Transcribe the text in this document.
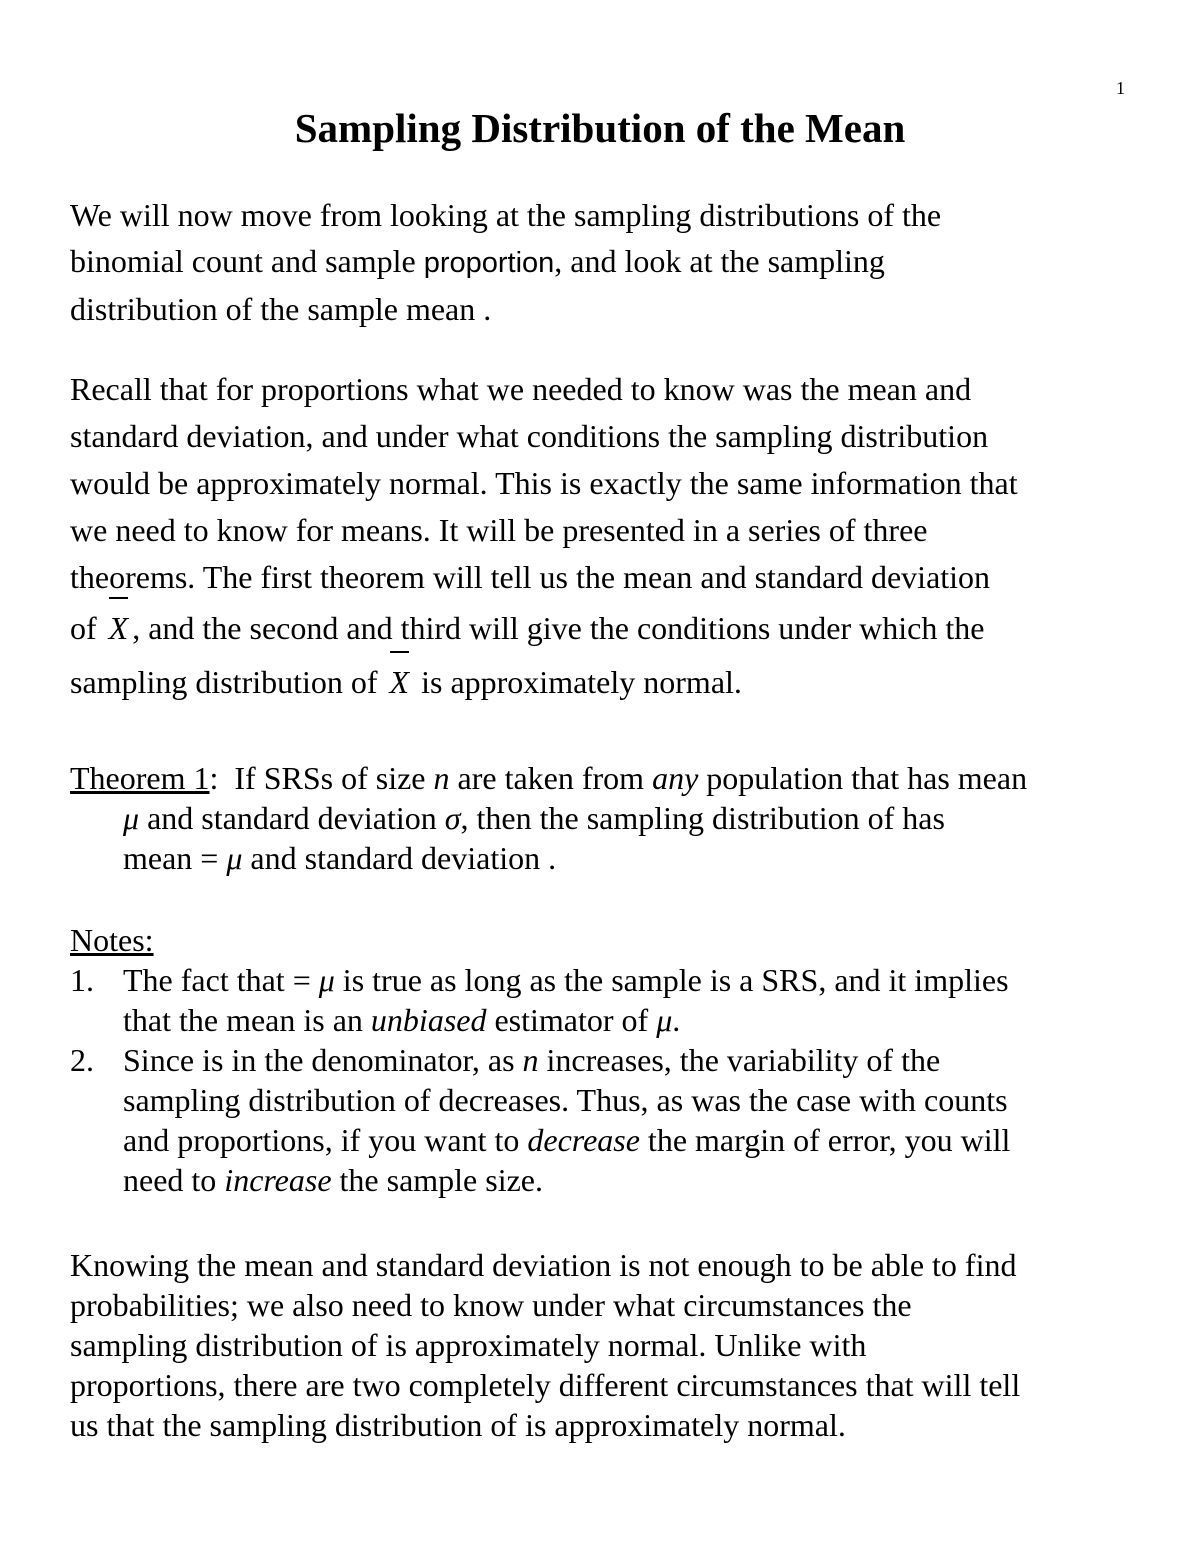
1
Sampling Distribution of the Mean
We will now move from looking at the sampling distributions of the
binomial count and sample proportion, and look at the sampling
distribution of the sample mean .
Recall that for proportions what we needed to know was the mean and
standard deviation, and under what conditions the sampling distribution
would be approximately normal. This is exactly the same information that
we need to know for means. It will be presented in a series of three
theorems. The first theorem will tell us the mean and standard deviation
of X , and the second and third will give the conditions under which the
sampling distribution of X is approximately normal.
Theorem 1: If SRSs of size n are taken from any population that has mean
μ and standard deviation σ, then the sampling distribution of has
mean = μ and standard deviation .
Notes:
1. The fact that = μ is true as long as the sample is a SRS, and it implies
that the mean is an unbiased estimator of μ.
2. Since is in the denominator, as n increases, the variability of the
sampling distribution of decreases. Thus, as was the case with counts
and proportions, if you want to decrease the margin of error, you will
need to increase the sample size.
Knowing the mean and standard deviation is not enough to be able to find
probabilities; we also need to know under what circumstances the
sampling distribution of is approximately normal. Unlike with
proportions, there are two completely different circumstances that will tell
us that the sampling distribution of is approximately normal.
